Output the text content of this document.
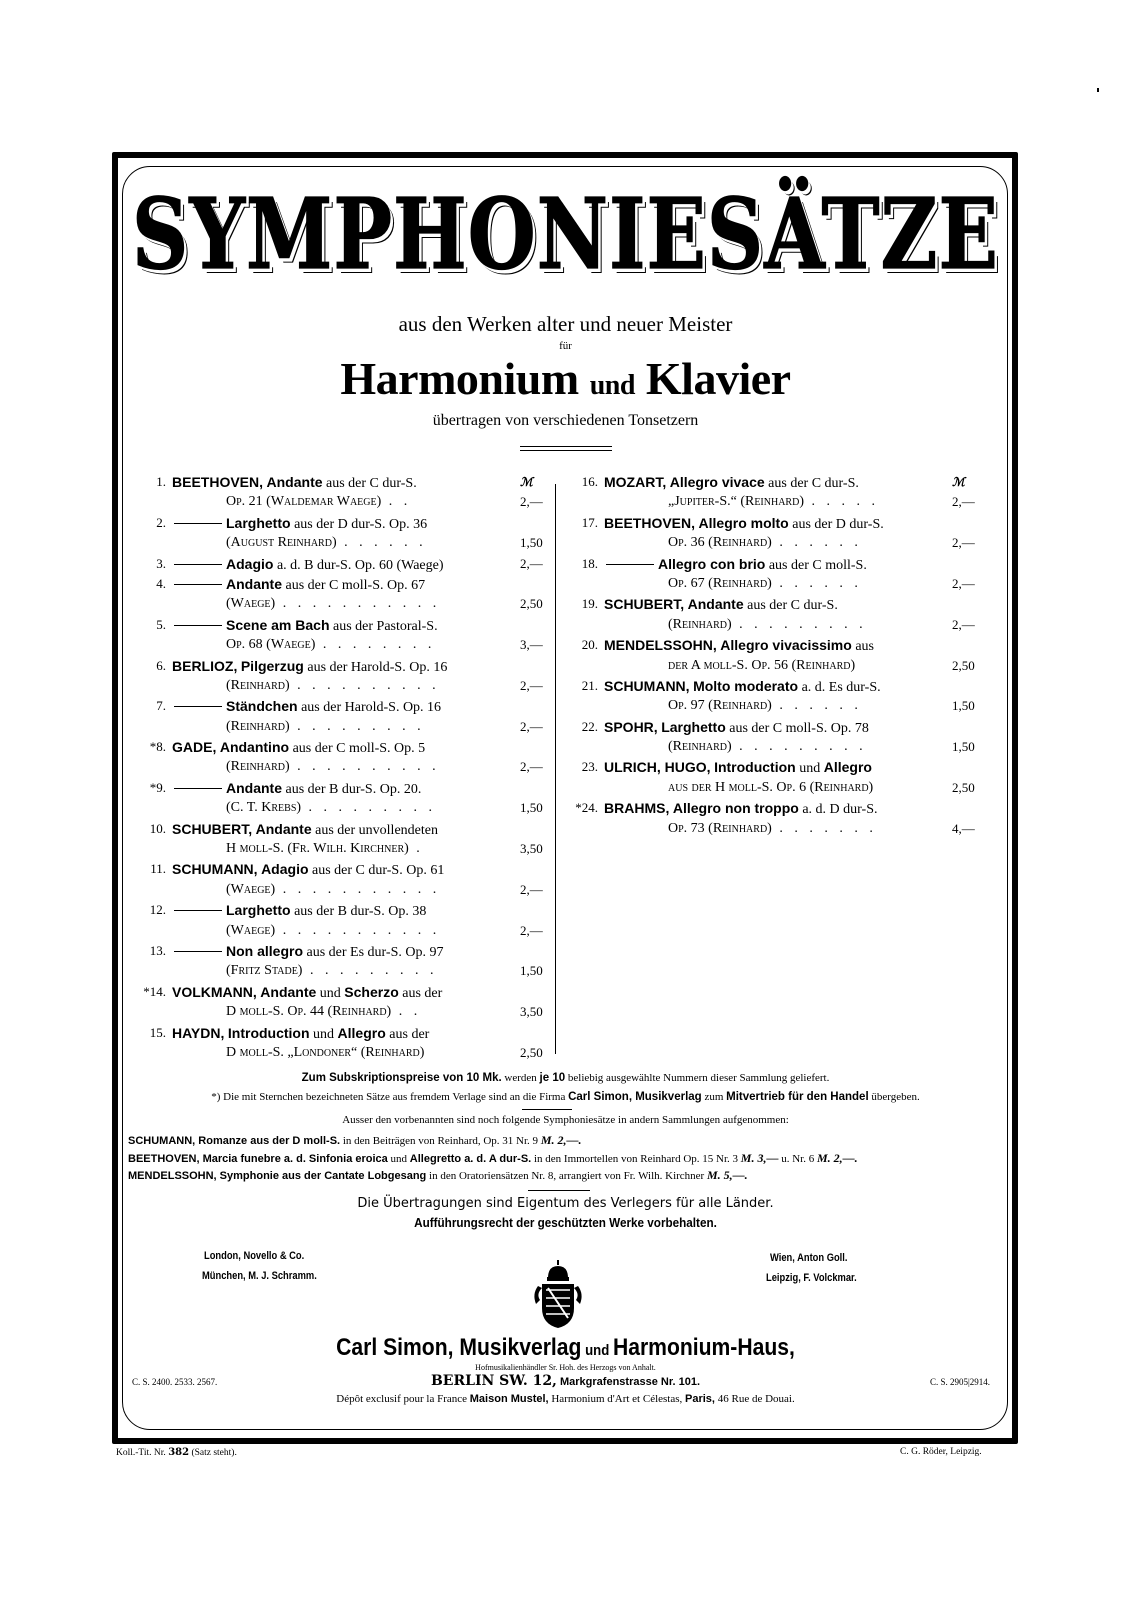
SYMPHONIESÄTZE
aus den Werken alter und neuer Meister
für
Harmonium und Klavier
übertragen von verschiedenen Tonsetzern
1. BEETHOVEN, Andante aus der C dur-S.	ℳ
Op. 21 (Waldemar Waege) . .	2,—
2.	Larghetto aus der D dur-S. Op. 36
(August Reinhard) . . . . . .	1,50
3.	Adagio a. d. B dur-S. Op. 60 (Waege)	2,—
4.	Andante aus der C moll-S. Op. 67
(Waege) . . . . . . . . . . .	2,50
5.	Scene am Bach aus der Pastoral-S.
Op. 68 (Waege) . . . . . . . .	3,—
6. BERLIOZ, Pilgerzug aus der Harold-S. Op. 16
(Reinhard) . . . . . . . . . .	2,—
7.	Ständchen aus der Harold-S. Op. 16
(Reinhard) . . . . . . . . .	2,—
*8. GADE, Andantino aus der C moll-S. Op. 5
(Reinhard) . . . . . . . . . .	2,—
*9.	Andante aus der B dur-S. Op. 20.
(C. T. Krebs) . . . . . . . . .	1,50
10. SCHUBERT, Andante aus der unvollendeten
H moll-S. (Fr. Wilh. Kirchner) .	3,50
11. SCHUMANN, Adagio aus der C dur-S. Op. 61
(Waege) . . . . . . . . . . .	2,—
12.	Larghetto aus der B dur-S. Op. 38
(Waege) . . . . . . . . . . .	2,—
13.	Non allegro aus der Es dur-S. Op. 97
(Fritz Stade) . . . . . . . . .	1,50
*14. VOLKMANN, Andante und Scherzo aus der
D moll-S. Op. 44 (Reinhard) . .	3,50
15. HAYDN, Introduction und Allegro aus der
D moll-S. „Londoner“ (Reinhard)	2,50
16. MOZART, Allegro vivace aus der C dur-S.	ℳ
„Jupiter-S.“ (Reinhard) . . . . .	2,—
17. BEETHOVEN, Allegro molto aus der D dur-S.
Op. 36 (Reinhard) . . . . . .	2,—
18.	Allegro con brio aus der C moll-S.
Op. 67 (Reinhard) . . . . . .	2,—
19. SCHUBERT, Andante aus der C dur-S.
(Reinhard) . . . . . . . . .	2,—
20. MENDELSSOHN, Allegro vivacissimo aus
der A moll-S. Op. 56 (Reinhard)	2,50
21. SCHUMANN, Molto moderato a. d. Es dur-S.
Op. 97 (Reinhard) . . . . . .	1,50
22. SPOHR, Larghetto aus der C moll-S. Op. 78
(Reinhard) . . . . . . . . .	1,50
23. ULRICH, HUGO, Introduction und Allegro
aus der H moll-S. Op. 6 (Reinhard)	2,50
*24. BRAHMS, Allegro non troppo a. d. D dur-S.
Op. 73 (Reinhard) . . . . . . .	4,—
Zum Subskriptionspreise von 10 Mk. werden je 10 beliebig ausgewählte Nummern dieser Sammlung geliefert.
*) Die mit Sternchen bezeichneten Sätze aus fremdem Verlage sind an die Firma Carl Simon, Musikverlag zum Mitvertrieb für den Handel übergeben.
Ausser den vorbenannten sind noch folgende Symphoniesätze in andern Sammlungen aufgenommen:
SCHUMANN, Romanze aus der D moll-S. in den Beiträgen von Reinhard, Op. 31 Nr. 9 M. 2,—.
BEETHOVEN, Marcia funebre a. d. Sinfonia eroica und Allegretto a. d. A dur-S. in den Immortellen von Reinhard Op. 15 Nr. 3 M. 3,— u. Nr. 6 M. 2,—.
MENDELSSOHN, Symphonie aus der Cantate Lobgesang in den Oratoriensätzen Nr. 8, arrangiert von Fr. Wilh. Kirchner M. 5,—.
Die Übertragungen sind Eigentum des Verlegers für alle Länder.
Aufführungsrecht der geschützten Werke vorbehalten.
London, Novello & Co.
München, M. J. Schramm.
Wien, Anton Goll.
Leipzig, F. Volckmar.
Carl Simon, Musikverlag und Harmonium-Haus,
Hofmusikalienhändler Sr. Hoh. des Herzogs von Anhalt.
C. S. 2400. 2533. 2567.	BERLIN SW. 12, Markgrafenstrasse Nr. 101.	C. S. 2905|2914.
Dépôt exclusif pour la France Maison Mustel, Harmonium d'Art et Célestas, Paris, 46 Rue de Douai.
Koll.-Tit. Nr. 382 (Satz steht).	C. G. Röder, Leipzig.
